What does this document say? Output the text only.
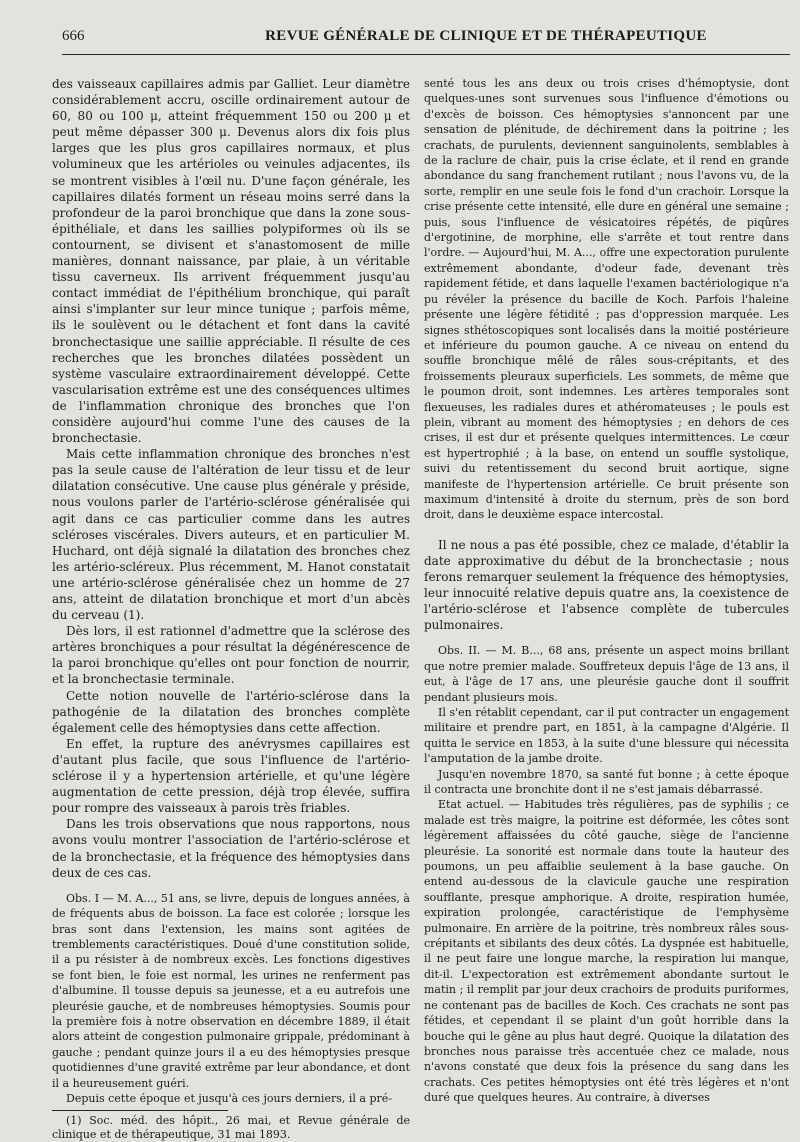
666	REVUE GÉNÉRALE DE CLINIQUE ET DE THÉRAPEUTIQUE

des vaisseaux capillaires admis par Galliet. Leur diamètre considérablement accru, oscille ordinairement autour de 60, 80 ou 100 μ, atteint fréquemment 150 ou 200 μ et peut même dépasser 300 μ. Devenus alors dix fois plus larges que les plus gros capillaires normaux, et plus volumineux que les artérioles ou veinules adjacentes, ils se montrent visibles à l'œil nu. D'une façon générale, les capillaires dilatés forment un réseau moins serré dans la profondeur de la paroi bronchique que dans la zone sous-épithéliale, et dans les saillies polypiformes où ils se contournent, se divisent et s'anastomosent de mille manières, donnant naissance, par plaie, à un véritable tissu caverneux. Ils arrivent fréquemment jusqu'au contact immédiat de l'épithélium bronchique, qui paraît ainsi s'implanter sur leur mince tunique ; parfois même, ils le soulèvent ou le détachent et font dans la cavité bronchectasique une saillie appréciable. Il résulte de ces recherches que les bronches dilatées possèdent un système vasculaire extraordinairement développé. Cette vascularisation extrême est une des conséquences ultimes de l'inflammation chronique des bronches que l'on considère aujourd'hui comme l'une des causes de la bronchectasie.

Mais cette inflammation chronique des bronches n'est pas la seule cause de l'altération de leur tissu et de leur dilatation consécutive. Une cause plus générale y préside, nous voulons parler de l'artério-sclérose généralisée qui agit dans ce cas particulier comme dans les autres scléroses viscérales. Divers auteurs, et en particulier M. Huchard, ont déjà signalé la dilatation des bronches chez les artério-scléreux. Plus récemment, M. Hanot constatait une artério-sclérose généralisée chez un homme de 27 ans, atteint de dilatation bronchique et mort d'un abcès du cerveau (1).

Dès lors, il est rationnel d'admettre que la sclérose des artères bronchiques a pour résultat la dégénérescence de la paroi bronchique qu'elles ont pour fonction de nourrir, et la bronchectasie terminale.

Cette notion nouvelle de l'artério-sclérose dans la pathogénie de la dilatation des bronches complète également celle des hémoptysies dans cette affection.

En effet, la rupture des anévrysmes capillaires est d'autant plus facile, que sous l'influence de l'artério-sclérose il y a hypertension artérielle, et qu'une légère augmentation de cette pression, déjà trop élevée, suffira pour rompre des vaisseaux à parois très friables.

Dans les trois observations que nous rapportons, nous avons voulu montrer l'association de l'artério-sclérose et de la bronchectasie, et la fréquence des hémoptysies dans deux de ces cas.

Obs. I — M. A..., 51 ans, se livre, depuis de longues années, à de fréquents abus de boisson. La face est colorée ; lorsque les bras sont dans l'extension, les mains sont agitées de tremblements caractéristiques. Doué d'une constitution solide, il a pu résister à de nombreux excès. Les fonctions digestives se font bien, le foie est normal, les urines ne renferment pas d'albumine. Il tousse depuis sa jeunesse, et a eu autrefois une pleurésie gauche, et de nombreuses hémoptysies. Soumis pour la première fois à notre observation en décembre 1889, il était alors atteint de congestion pulmonaire grippale, prédominant à gauche ; pendant quinze jours il a eu des hémoptysies presque quotidiennes d'une gravité extrême par leur abondance, et dont il a heureusement guéri.

Depuis cette époque et jusqu'à ces jours derniers, il a pré-

(1) Soc. méd. des hôpit., 26 mai, et Revue générale de clinique et de thérapeutique, 31 mai 1893.

senté tous les ans deux ou trois crises d'hémoptysie, dont quelques-unes sont survenues sous l'influence d'émotions ou d'excès de boisson. Ces hémoptysies s'annoncent par une sensation de plénitude, de déchirement dans la poitrine ; les crachats, de purulents, deviennent sanguinolents, semblables à de la raclure de chair, puis la crise éclate, et il rend en grande abondance du sang franchement rutilant ; nous l'avons vu, de la sorte, remplir en une seule fois le fond d'un crachoir. Lorsque la crise présente cette intensité, elle dure en général une semaine ; puis, sous l'influence de vésicatoires répétés, de piqûres d'ergotinine, de morphine, elle s'arrête et tout rentre dans l'ordre. — Aujourd'hui, M. A..., offre une expectoration purulente extrêmement abondante, d'odeur fade, devenant très rapidement fétide, et dans laquelle l'examen bactériologique n'a pu révéler la présence du bacille de Koch. Parfois l'haleine présente une légère fétidité ; pas d'oppression marquée. Les signes sthétoscopiques sont localisés dans la moitié postérieure et inférieure du poumon gauche. A ce niveau on entend du souffle bronchique mêlé de râles sous-crépitants, et des froissements pleuraux superficiels. Les sommets, de même que le poumon droit, sont indemnes. Les artères temporales sont flexueuses, les radiales dures et athéromateuses ; le pouls est plein, vibrant au moment des hémoptysies ; en dehors de ces crises, il est dur et présente quelques intermittences. Le cœur est hypertrophié ; à la base, on entend un souffle systolique, suivi du retentissement du second bruit aortique, signe manifeste de l'hypertension artérielle. Ce bruit présente son maximum d'intensité à droite du sternum, près de son bord droit, dans le deuxième espace intercostal.

Il ne nous a pas été possible, chez ce malade, d'établir la date approximative du début de la bronchectasie ; nous ferons remarquer seulement la fréquence des hémoptysies, leur innocuité relative depuis quatre ans, la coexistence de l'artério-sclérose et l'absence complète de tubercules pulmonaires.

Obs. II. — M. B..., 68 ans, présente un aspect moins brillant que notre premier malade. Souffreteux depuis l'âge de 13 ans, il eut, à l'âge de 17 ans, une pleurésie gauche dont il souffrit pendant plusieurs mois.

Il s'en rétablit cependant, car il put contracter un engagement militaire et prendre part, en 1851, à la campagne d'Algérie. Il quitta le service en 1853, à la suite d'une blessure qui nécessita l'amputation de la jambe droite.

Jusqu'en novembre 1870, sa santé fut bonne ; à cette époque il contracta une bronchite dont il ne s'est jamais débarrassé.

Etat actuel. — Habitudes très régulières, pas de syphilis ; ce malade est très maigre, la poitrine est déformée, les côtes sont légèrement affaissées du côté gauche, siège de l'ancienne pleurésie. La sonorité est normale dans toute la hauteur des poumons, un peu affaiblie seulement à la base gauche. On entend au-dessous de la clavicule gauche une respiration soufflante, presque amphorique. A droite, respiration humée, expiration prolongée, caractéristique de l'emphysème pulmonaire. En arrière de la poitrine, très nombreux râles sous-crépitants et sibilants des deux côtés. La dyspnée est habituelle, il ne peut faire une longue marche, la respiration lui manque, dit-il. L'expectoration est extrêmement abondante surtout le matin ; il remplit par jour deux crachoirs de produits puriformes, ne contenant pas de bacilles de Koch. Ces crachats ne sont pas fétides, et cependant il se plaint d'un goût horrible dans la bouche qui le gêne au plus haut degré. Quoique la dilatation des bronches nous paraisse très accentuée chez ce malade, nous n'avons constaté que deux fois la présence du sang dans les crachats. Ces petites hémoptysies ont été très légères et n'ont duré que quelques heures. Au contraire, à diverses
